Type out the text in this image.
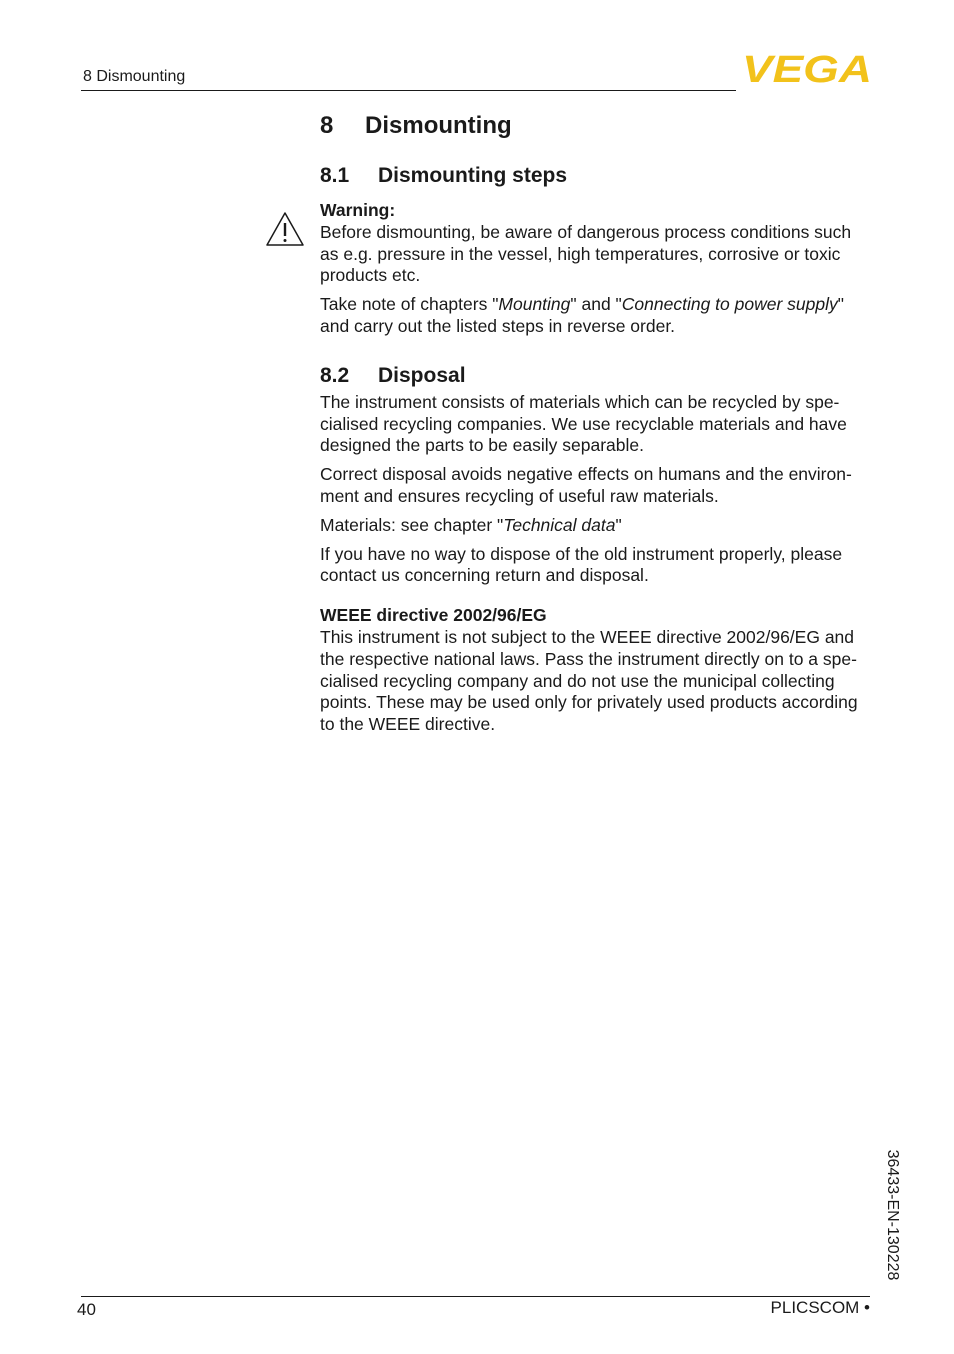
8 Dismounting	VEGA
8 Dismounting
8.1 Dismounting steps

Warning:

Before dismounting, be aware of dangerous process conditions such as e.g. pressure in the vessel, high temperatures, corrosive or toxic products etc.

Take note of chapters "Mounting" and "Connecting to power supply" and carry out the listed steps in reverse order.

8.2 Disposal

The instrument consists of materials which can be recycled by spe-cialised recycling companies. We use recyclable materials and have designed the parts to be easily separable.

Correct disposal avoids negative effects on humans and the environ-ment and ensures recycling of useful raw materials.

Materials: see chapter "Technical data"

If you have no way to dispose of the old instrument properly, please contact us concerning return and disposal.

WEEE directive 2002/96/EG

This instrument is not subject to the WEEE directive 2002/96/EG and the respective national laws. Pass the instrument directly on to a spe-cialised recycling company and do not use the municipal collecting points. These may be used only for privately used products according to the WEEE directive.

36433-EN-130228
40	PLICSCOM •
